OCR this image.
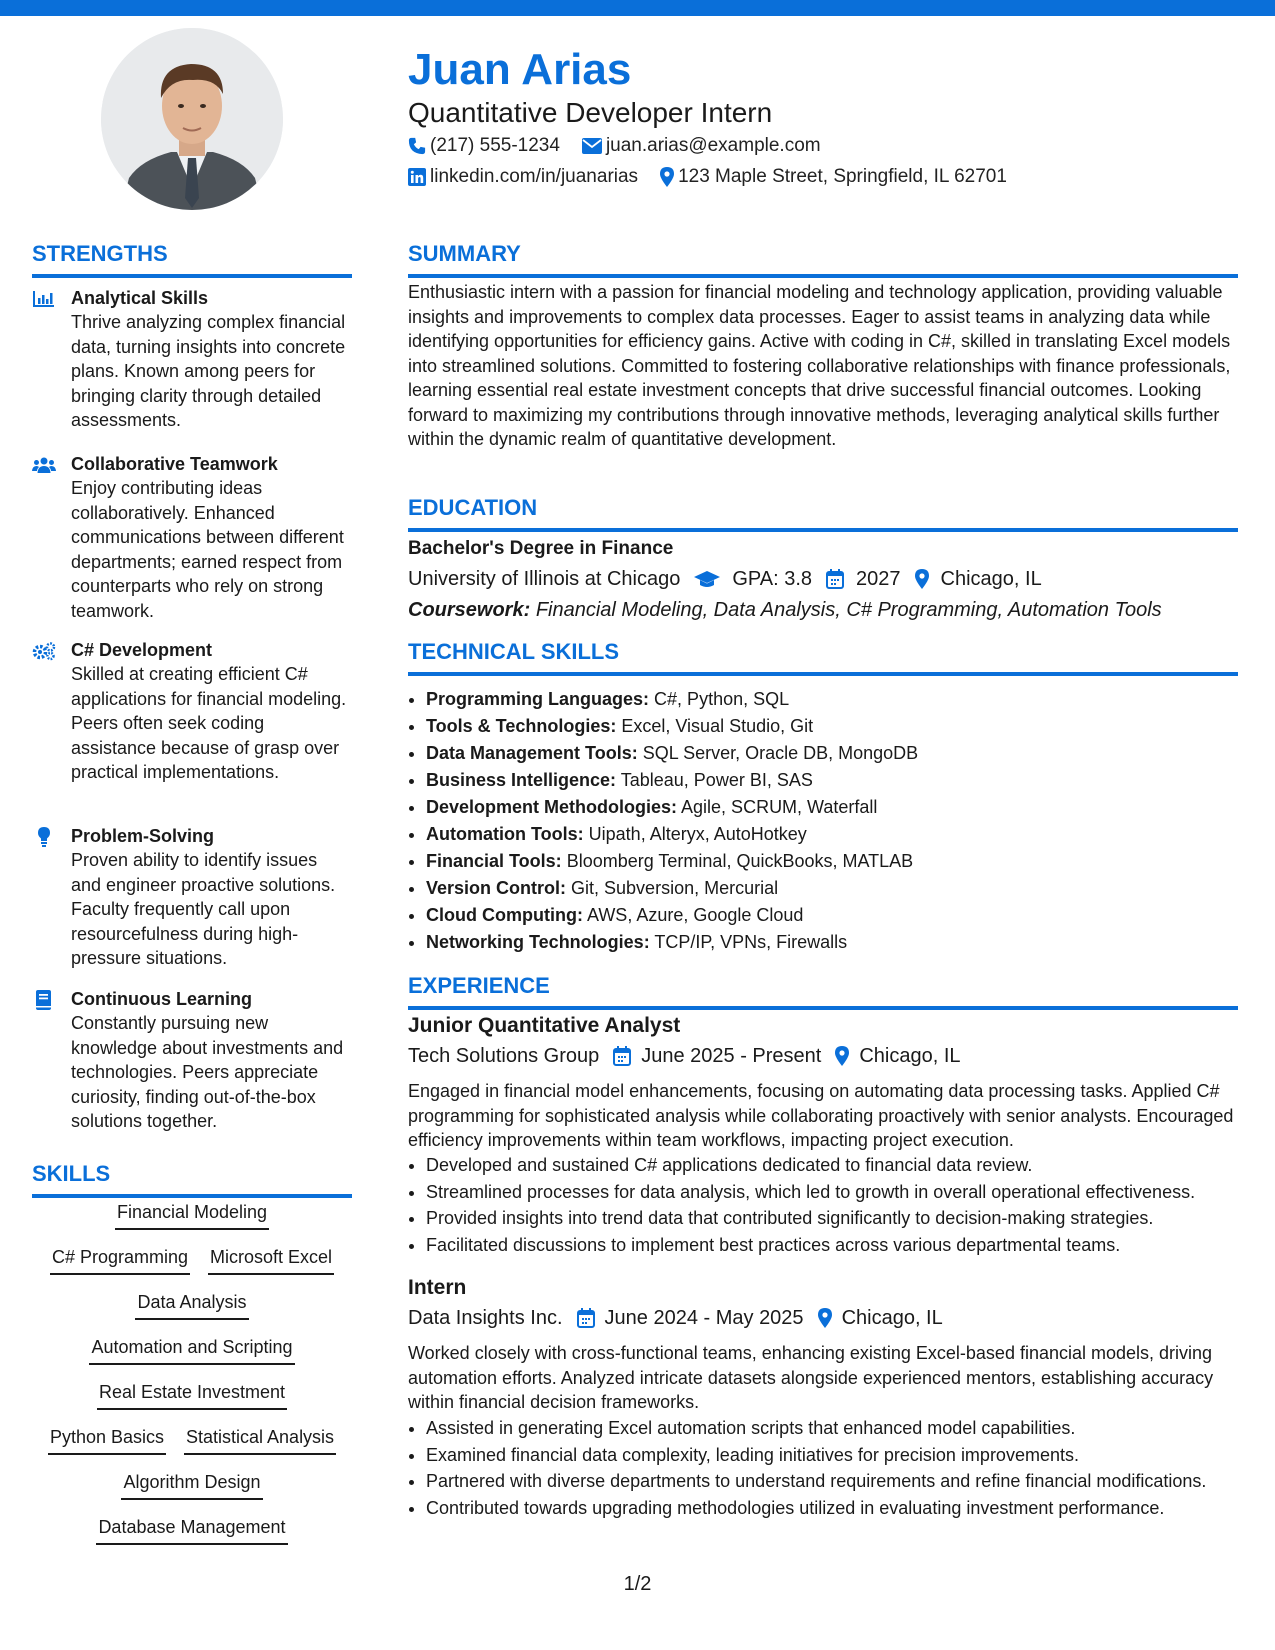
Juan Arias
Quantitative Developer Intern
(217) 555-1234 juan.arias@example.com
linkedin.com/in/juanarias 123 Maple Street, Springfield, IL 62701
STRENGTHS
Analytical Skills
Thrive analyzing complex financial data, turning insights into concrete plans. Known among peers for bringing clarity through detailed assessments.
Collaborative Teamwork
Enjoy contributing ideas collaboratively. Enhanced communications between different departments; earned respect from counterparts who rely on strong teamwork.
C# Development
Skilled at creating efficient C# applications for financial modeling. Peers often seek coding assistance because of grasp over practical implementations.
Problem-Solving
Proven ability to identify issues and engineer proactive solutions. Faculty frequently call upon resourcefulness during high-pressure situations.
Continuous Learning
Constantly pursuing new knowledge about investments and technologies. Peers appreciate curiosity, finding out-of-the-box solutions together.
SKILLS
Financial Modeling
C# Programming Microsoft Excel
Data Analysis
Automation and Scripting
Real Estate Investment
Python Basics Statistical Analysis
Algorithm Design
Database Management
SUMMARY
Enthusiastic intern with a passion for financial modeling and technology application, providing valuable insights and improvements to complex data processes. Eager to assist teams in analyzing data while identifying opportunities for efficiency gains. Active with coding in C#, skilled in translating Excel models into streamlined solutions. Committed to fostering collaborative relationships with finance professionals, learning essential real estate investment concepts that drive successful financial outcomes. Looking forward to maximizing my contributions through innovative methods, leveraging analytical skills further within the dynamic realm of quantitative development.
EDUCATION
Bachelor's Degree in Finance
University of Illinois at Chicago	GPA: 3.8 2027 Chicago, IL
Coursework: Financial Modeling, Data Analysis, C# Programming, Automation Tools
TECHNICAL SKILLS
• Programming Languages: C#, Python, SQL
• Tools & Technologies: Excel, Visual Studio, Git
• Data Management Tools: SQL Server, Oracle DB, MongoDB
• Business Intelligence: Tableau, Power BI, SAS
• Development Methodologies: Agile, SCRUM, Waterfall
• Automation Tools: Uipath, Alteryx, AutoHotkey
• Financial Tools: Bloomberg Terminal, QuickBooks, MATLAB
• Version Control: Git, Subversion, Mercurial
• Cloud Computing: AWS, Azure, Google Cloud
• Networking Technologies: TCP/IP, VPNs, Firewalls
EXPERIENCE
Junior Quantitative Analyst
Tech Solutions Group June 2025 - Present Chicago, IL
Engaged in financial model enhancements, focusing on automating data processing tasks. Applied C# programming for sophisticated analysis while collaborating proactively with senior analysts. Encouraged efficiency improvements within team workflows, impacting project execution.
• Developed and sustained C# applications dedicated to financial data review.
• Streamlined processes for data analysis, which led to growth in overall operational effectiveness.
• Provided insights into trend data that contributed significantly to decision-making strategies.
• Facilitated discussions to implement best practices across various departmental teams.
Intern
Data Insights Inc. June 2024 - May 2025 Chicago, IL
Worked closely with cross-functional teams, enhancing existing Excel-based financial models, driving automation efforts. Analyzed intricate datasets alongside experienced mentors, establishing accuracy within financial decision frameworks.
• Assisted in generating Excel automation scripts that enhanced model capabilities.
• Examined financial data complexity, leading initiatives for precision improvements.
• Partnered with diverse departments to understand requirements and refine financial modifications.
• Contributed towards upgrading methodologies utilized in evaluating investment performance.
1/2
